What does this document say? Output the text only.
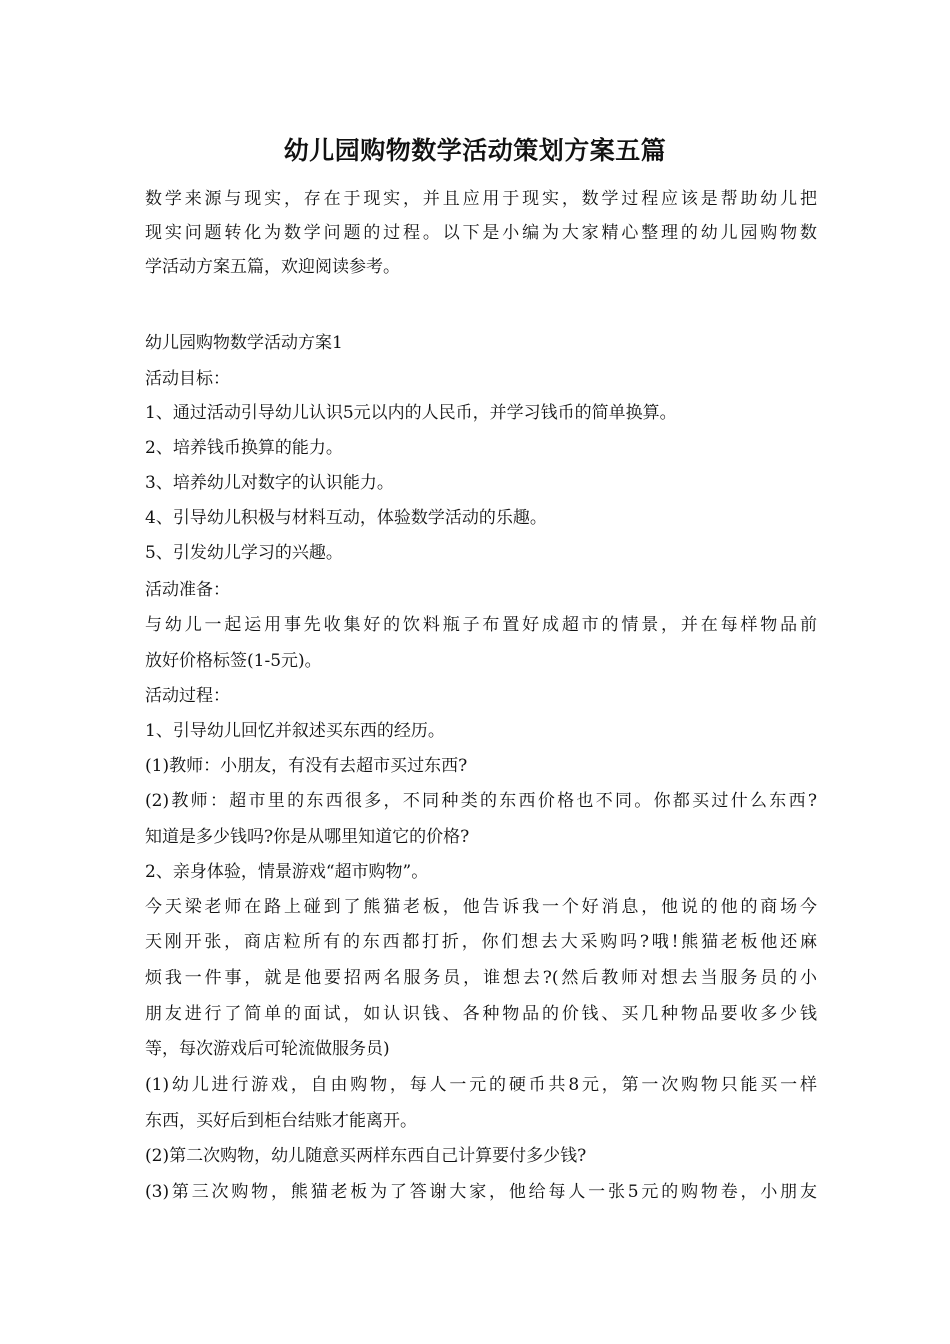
幼儿园购物数学活动策划方案五篇
数学来源与现实，存在于现实，并且应用于现实，数学过程应该是帮助幼儿把
现实问题转化为数学问题的过程。以下是小编为大家精心整理的幼儿园购物数
学活动方案五篇，欢迎阅读参考。
幼儿园购物数学活动方案1
活动目标：
1、通过活动引导幼儿认识5元以内的人民币，并学习钱币的简单换算。
2、培养钱币换算的能力。
3、培养幼儿对数字的认识能力。
4、引导幼儿积极与材料互动，体验数学活动的乐趣。
5、引发幼儿学习的兴趣。
活动准备：
与幼儿一起运用事先收集好的饮料瓶子布置好成超市的情景，并在每样物品前
放好价格标签(1-5元)。
活动过程：
1、引导幼儿回忆并叙述买东西的经历。
(1)教师：小朋友，有没有去超市买过东西?
(2)教师：超市里的东西很多，不同种类的东西价格也不同。你都买过什么东西?
知道是多少钱吗?你是从哪里知道它的价格?
2、亲身体验，情景游戏“超市购物”。
今天梁老师在路上碰到了熊猫老板，他告诉我一个好消息，他说的他的商场今
天刚开张，商店粒所有的东西都打折，你们想去大采购吗?哦!熊猫老板他还麻
烦我一件事，就是他要招两名服务员，谁想去?(然后教师对想去当服务员的小
朋友进行了简单的面试，如认识钱、各种物品的价钱、买几种物品要收多少钱
等，每次游戏后可轮流做服务员)
(1)幼儿进行游戏，自由购物，每人一元的硬币共8元，第一次购物只能买一样
东西，买好后到柜台结账才能离开。
(2)第二次购物，幼儿随意买两样东西自己计算要付多少钱?
(3)第三次购物，熊猫老板为了答谢大家，他给每人一张5元的购物卷，小朋友
